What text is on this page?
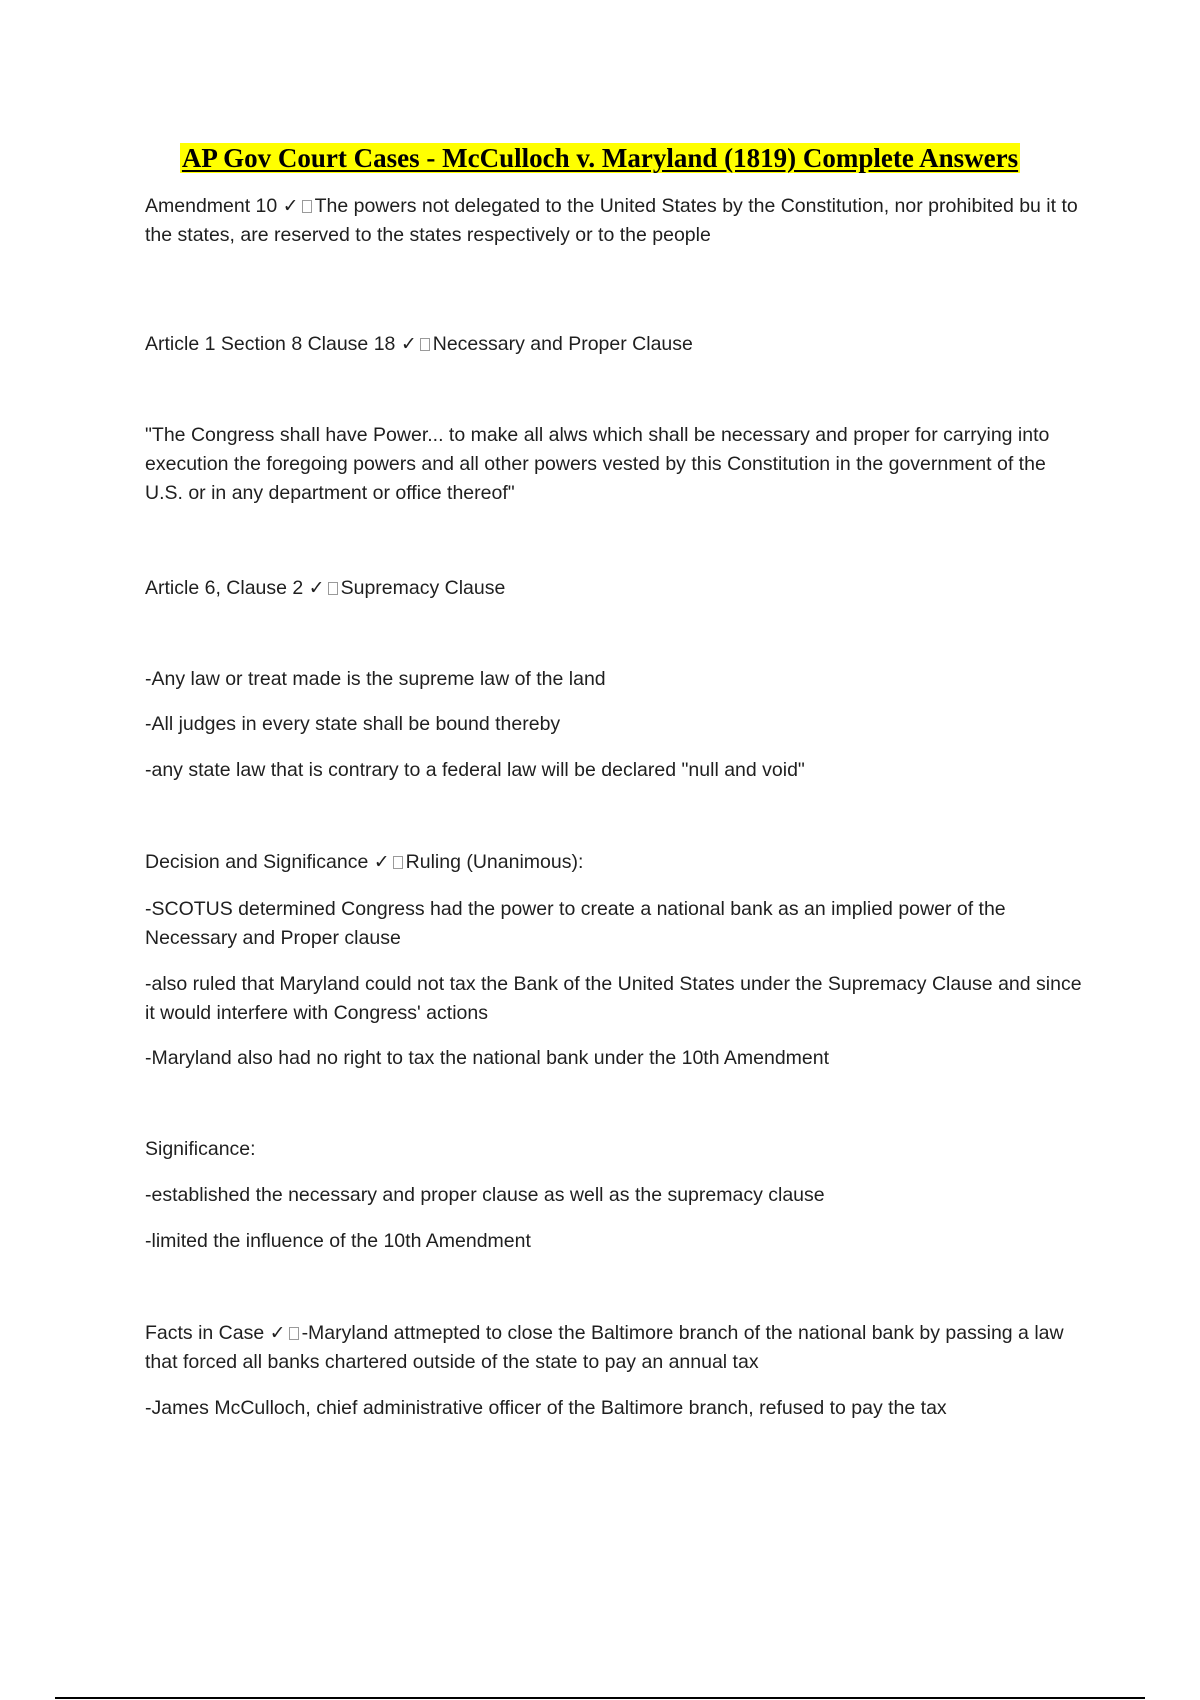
AP Gov Court Cases - McCulloch v. Maryland (1819) Complete Answers

Amendment 10 ✓ The powers not delegated to the United States by the Constitution, nor prohibited bu it to the states, are reserved to the states respectively or to the people

Article 1 Section 8 Clause 18 ✓ Necessary and Proper Clause

"The Congress shall have Power... to make all alws which shall be necessary and proper for carrying into execution the foregoing powers and all other powers vested by this Constitution in the government of the U.S. or in any department or office thereof"

Article 6, Clause 2 ✓ Supremacy Clause

-Any law or treat made is the supreme law of the land

-All judges in every state shall be bound thereby

-any state law that is contrary to a federal law will be declared "null and void"

Decision and Significance ✓ Ruling (Unanimous):

-SCOTUS determined Congress had the power to create a national bank as an implied power of the Necessary and Proper clause

-also ruled that Maryland could not tax the Bank of the United States under the Supremacy Clause and since it would interfere with Congress' actions

-Maryland also had no right to tax the national bank under the 10th Amendment

Significance:

-established the necessary and proper clause as well as the supremacy clause

-limited the influence of the 10th Amendment

Facts in Case ✓ -Maryland attmepted to close the Baltimore branch of the national bank by passing a law that forced all banks chartered outside of the state to pay an annual tax

-James McCulloch, chief administrative officer of the Baltimore branch, refused to pay the tax
